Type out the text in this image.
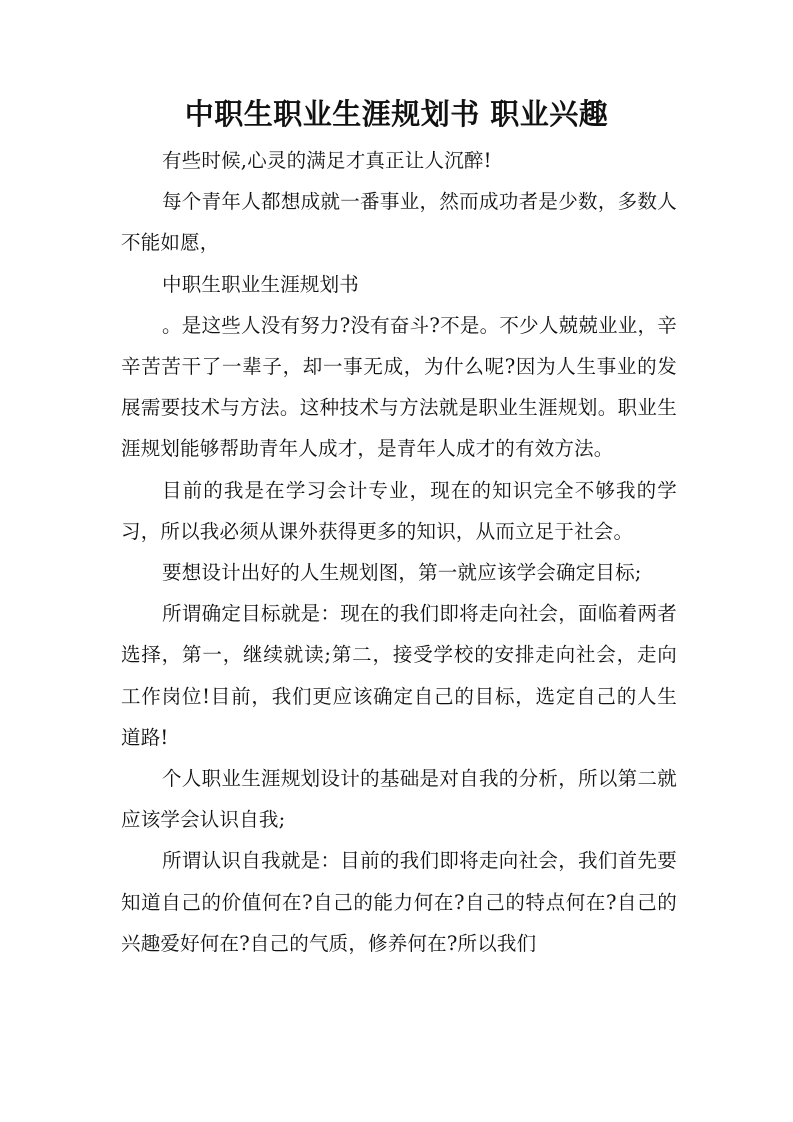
中职生职业生涯规划书 职业兴趣

有些时候,心灵的满足才真正让人沉醉!

每个青年人都想成就一番事业，然而成功者是少数，多数人不能如愿，

中职生职业生涯规划书

。是这些人没有努力?没有奋斗?不是。不少人兢兢业业，辛辛苦苦干了一辈子，却一事无成，为什么呢?因为人生事业的发展需要技术与方法。这种技术与方法就是职业生涯规划。职业生涯规划能够帮助青年人成才，是青年人成才的有效方法。

目前的我是在学习会计专业，现在的知识完全不够我的学习，所以我必须从课外获得更多的知识，从而立足于社会。

要想设计出好的人生规划图，第一就应该学会确定目标;

所谓确定目标就是：现在的我们即将走向社会，面临着两者选择，第一，继续就读;第二，接受学校的安排走向社会，走向工作岗位!目前，我们更应该确定自己的目标，选定自己的人生道路!

个人职业生涯规划设计的基础是对自我的分析，所以第二就应该学会认识自我;

所谓认识自我就是：目前的我们即将走向社会，我们首先要知道自己的价值何在?自己的能力何在?自己的特点何在?自己的兴趣爱好何在?自己的气质，修养何在?所以我们
